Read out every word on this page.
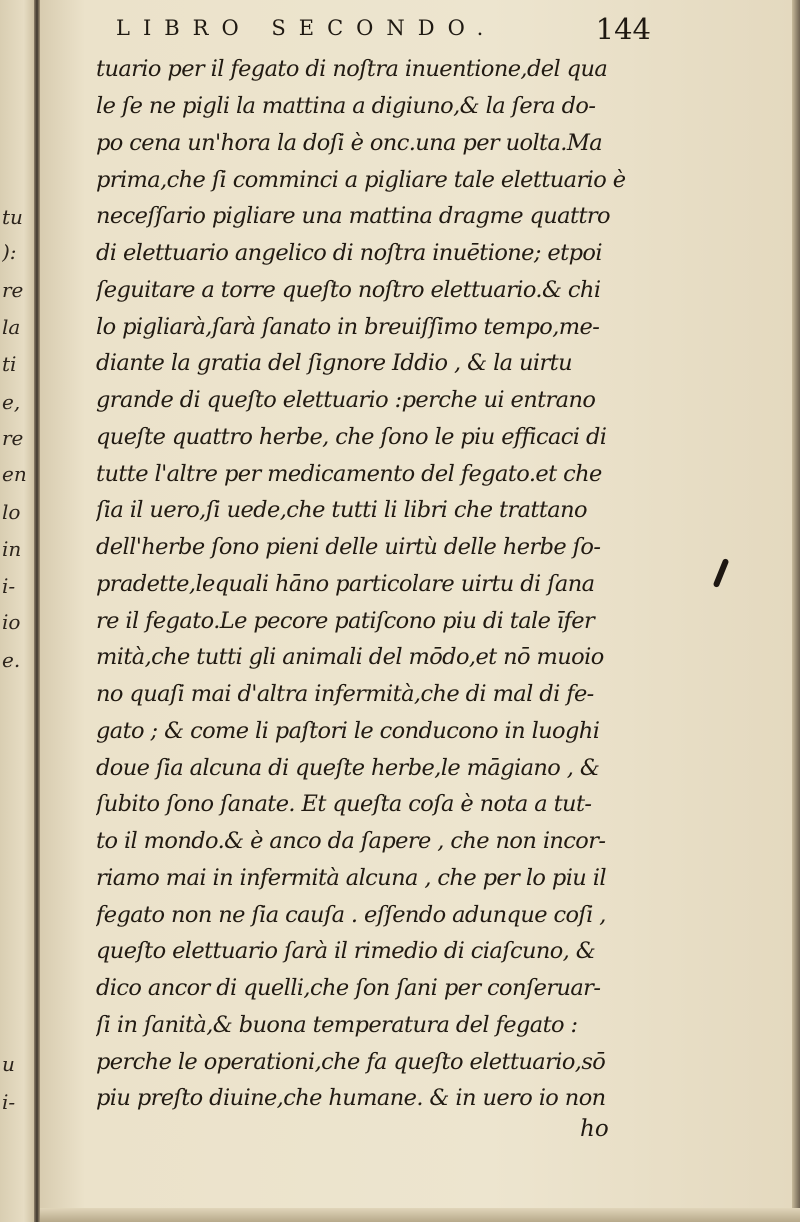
tu

):

re

la

ti

e,

re

en

lo

in

i-

io

e.

u

i-

LIBRO SECONDO.	144

tuario per il fegato di noſtra inuentione,del qua

le ſe ne pigli la mattina a digiuno,& la ſera do-

po cena un'hora la doſi è onc.una per uolta.Ma

prima,che ſi comminci a pigliare tale elettuario è

neceſſario pigliare una mattina dragme quattro

di elettuario angelico di noſtra inuētione; etpoi

ſeguitare a torre queſto noſtro elettuario.& chi

lo pigliarà,ſarà ſanato in breuiſſimo tempo,me-

diante la gratia del ſignore Iddio , & la uirtu

grande di queſto elettuario :perche ui entrano

queſte quattro herbe, che ſono le piu efficaci di

tutte l'altre per medicamento del fegato.et che

ſia il uero,ſi uede,che tutti li libri che trattano

dell'herbe ſono pieni delle uirtù delle herbe ſo-

pradette,lequali hāno particolare uirtu di ſana

re il fegato.Le pecore patiſcono piu di tale īfer

mità,che tutti gli animali del mōdo,et nō muoio

no quaſi mai d'altra infermità,che di mal di fe-

gato ; & come li paſtori le conducono in luoghi

doue ſia alcuna di queſte herbe,le māgiano , &

ſubito ſono ſanate. Et queſta coſa è nota a tut-

to il mondo.& è anco da ſapere , che non incor-

riamo mai in infermità alcuna , che per lo piu il

fegato non ne ſia cauſa . eſſendo adunque coſi ,

queſto elettuario ſarà il rimedio di ciaſcuno, &

dico ancor di quelli,che ſon ſani per conſeruar-

ſi in ſanità,& buona temperatura del fegato :

perche le operationi,che fa queſto elettuario,sō

piu preſto diuine,che humane. & in uero io non

ho
